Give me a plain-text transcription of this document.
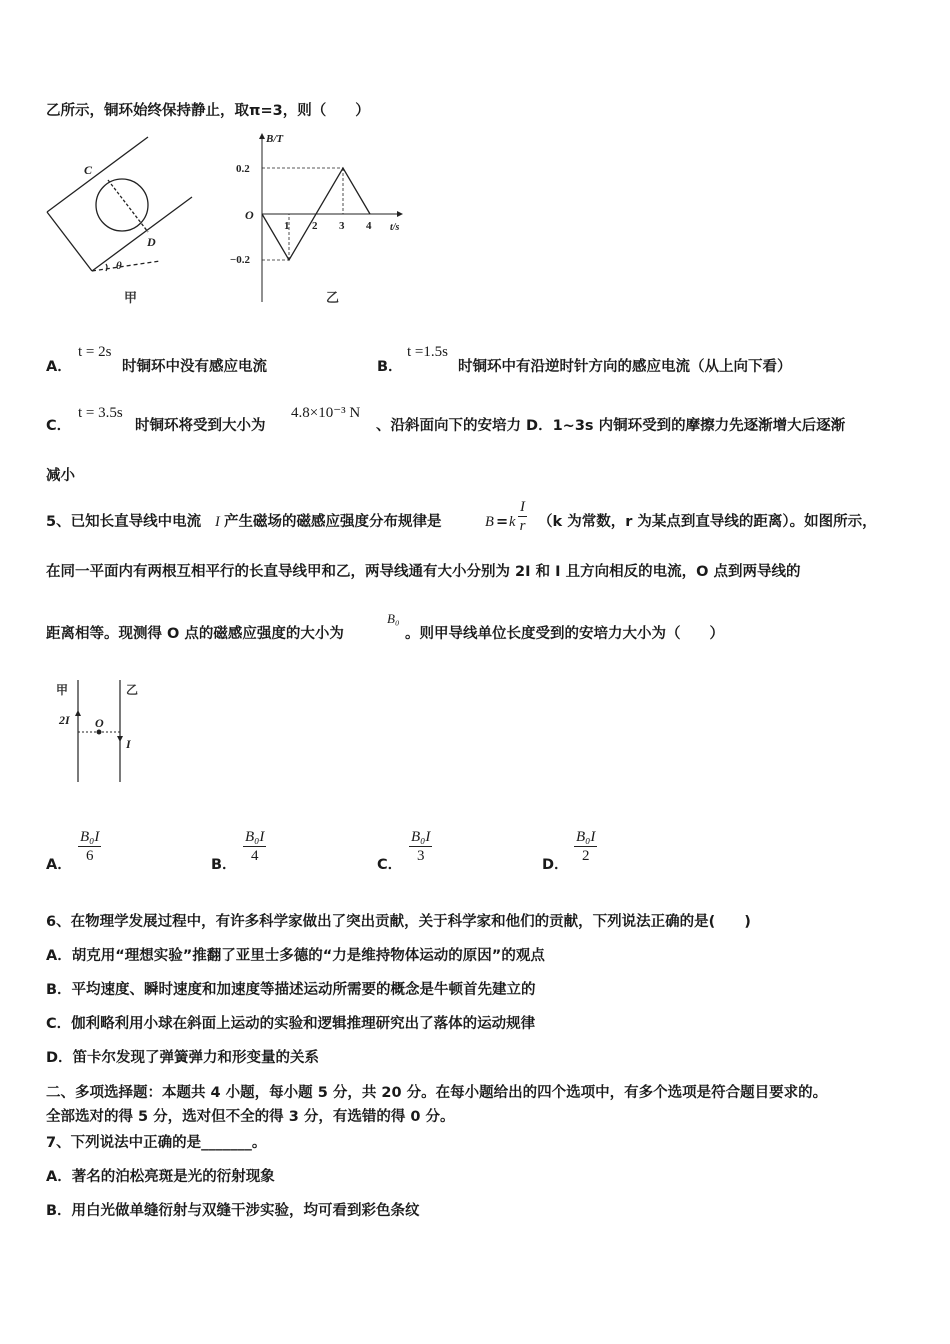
乙所示，铜环始终保持静止，取π=3，则（　　）
C
D
θ
甲
B/T
t/s
O
0.2
−0.2
1 2 3 4
乙
A．
t = 2s
时铜环中没有感应电流	B．
t =1.5s
时铜环中有沿逆时针方向的感应电流（从上向下看）
C．
t = 3.5s
时铜环将受到大小为
4.8×10⁻³ N
、沿斜面向下的安培力 D．1~3s 内铜环受到的摩擦力先逐渐增大后逐渐
减小
5、已知长直导线中电流 I 产生磁场的磁感应强度分布规律是	B = k $\frac{I}{r} (k$ 为常数，r 为某点到直导线的距离）。如图所示，
在同一平面内有两根互相平行的长直导线甲和乙，两导线通有大小分别为 2I 和 I 且方向相反的电流，O 点到两导线的
距离相等。现测得 O 点的磁感应强度的大小为
B₀
。则甲导线单位长度受到的安培力大小为（　　）
甲	乙
2I
I
O
A． $\frac{\text{B₀I}}{6}$	B． $\frac{\text{B₀I}}{4}$	C． $\frac{\text{B₀I}}{3}$	D． $\frac{\text{B₀I}}{2}$
6、在物理学发展过程中，有许多科学家做出了突出贡献，关于科学家和他们的贡献，下列说法正确的是(　　)
A．胡克用“理想实验”推翻了亚里士多德的“力是维持物体运动的原因”的观点
B．平均速度、瞬时速度和加速度等描述运动所需要的概念是牛顿首先建立的
C．伽利略利用小球在斜面上运动的实验和逻辑推理研究出了落体的运动规律
D．笛卡尔发现了弹簧弹力和形变量的关系
二、多项选择题：本题共 4 小题，每小题 5 分，共 20 分。在每小题给出的四个选项中，有多个选项是符合题目要求的。
全部选对的得 5 分，选对但不全的得 3 分，有选错的得 0 分。
7、下列说法中正确的是_______。
A．著名的泊松亮斑是光的衍射现象
B．用白光做单缝衍射与双缝干涉实验，均可看到彩色条纹
